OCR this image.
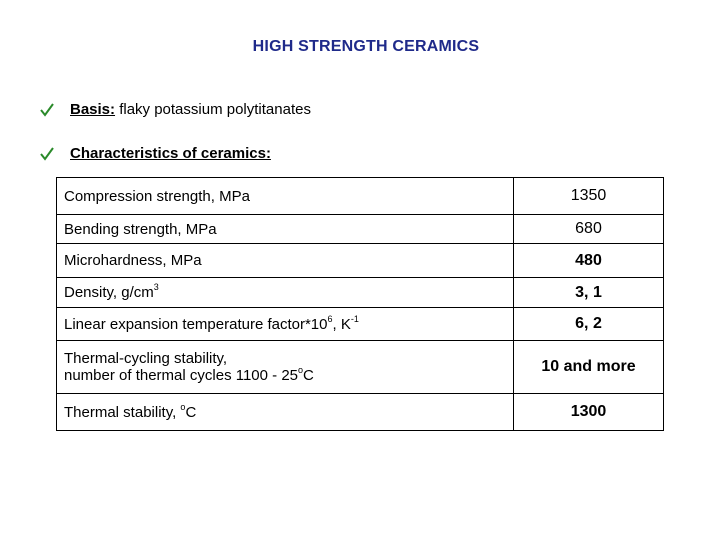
HIGH STRENGTH CERAMICS
Basis: flaky potassium polytitanates
Characteristics of ceramics:
Compression strength, MPa	1350
Bending strength, MPa	680
Microhardness, MPa	480
Density, $g/cm^3$	3, 1
Linear expansion temperature $factor*10^6$, $K^{-1}$	6, 2

Thermal-cycling stability,
number of thermal cycles 1100 - 25$^o$C	10 and more
Thermal stability, $^o$C	1300
